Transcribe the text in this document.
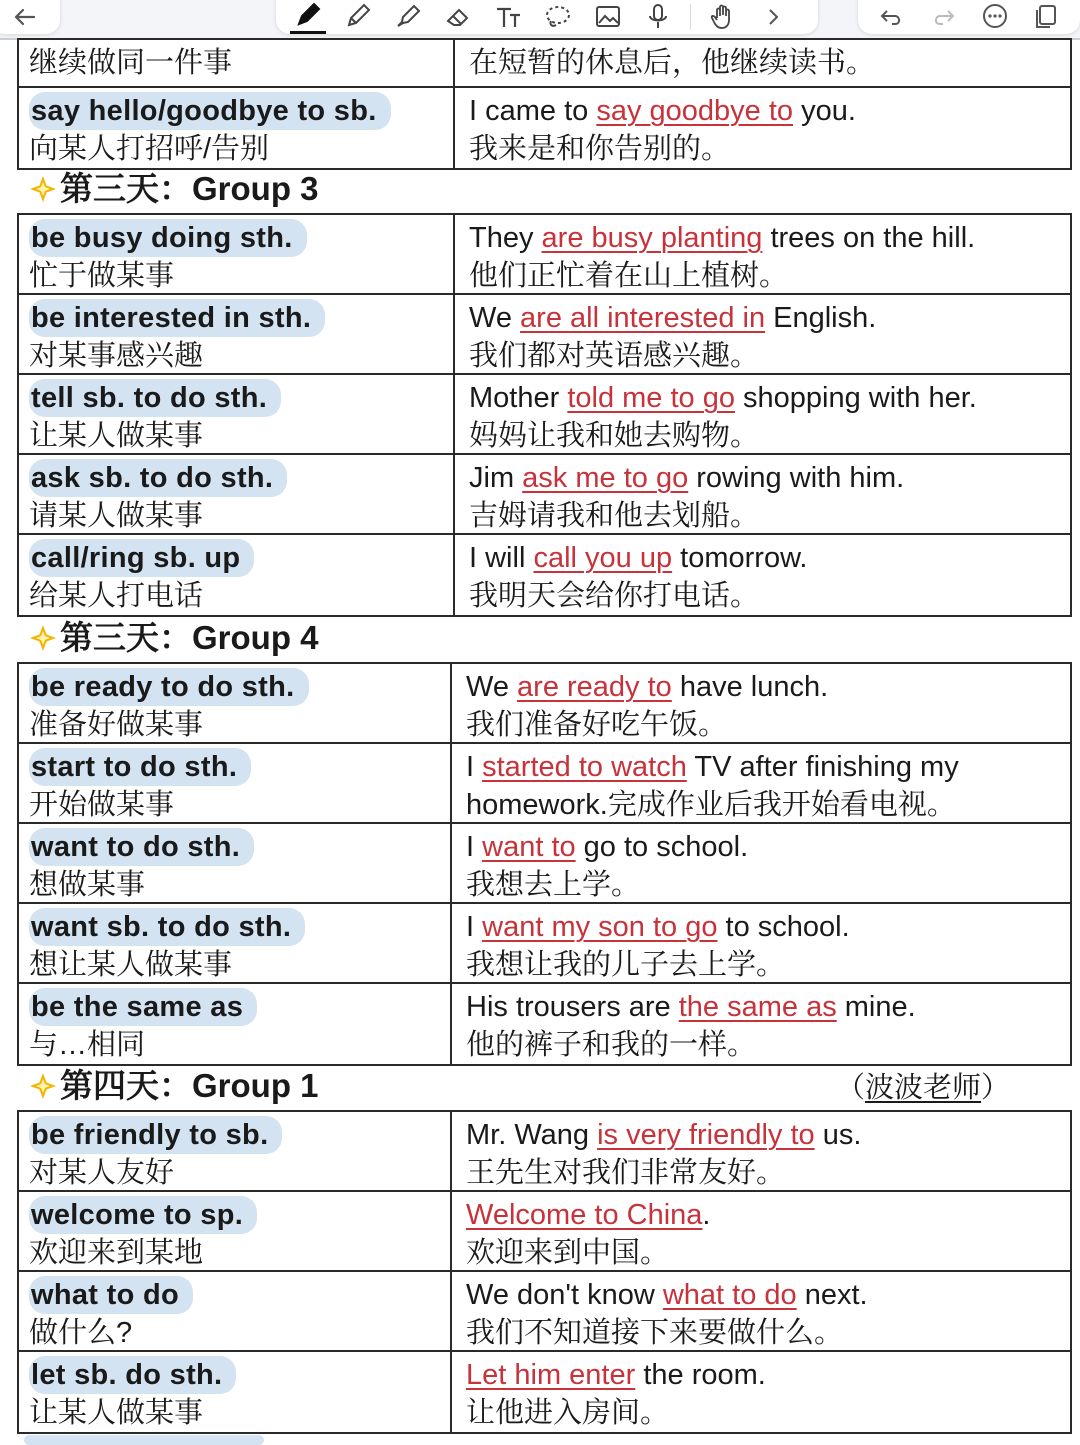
继续做同一件事	在短暂的休息后，他继续读书。
say hello/goodbye to sb.
向某人打招呼/告别
I came to say goodbye to you.
我来是和你告别的。
第三天：Group 3
be busy doing sth.
忙于做某事
They are busy planting trees on the hill.
他们正忙着在山上植树。
be interested in sth.
对某事感兴趣
We are all interested in English.
我们都对英语感兴趣。
tell sb. to do sth.
让某人做某事
Mother told me to go shopping with her.
妈妈让我和她去购物。
ask sb. to do sth.
请某人做某事
Jim ask me to go rowing with him.
吉姆请我和他去划船。
call/ring sb. up
给某人打电话
I will call you up tomorrow.
我明天会给你打电话。
第三天：Group 4
be ready to do sth.
准备好做某事
We are ready to have lunch.
我们准备好吃午饭。
start to do sth.
开始做某事
I started to watch TV after finishing my
homework.完成作业后我开始看电视。
want to do sth.
想做某事
I want to go to school.
我想去上学。
want sb. to do sth.
想让某人做某事
I want my son to go to school.
我想让我的儿子去上学。
be the same as
与…相同
His trousers are the same as mine.
他的裤子和我的一样。
第四天：Group 1	（波波老师）
be friendly to sb.
对某人友好
Mr. Wang is very friendly to us.
王先生对我们非常友好。
welcome to sp.
欢迎来到某地
Welcome to China.
欢迎来到中国。
what to do
做什么?
We don't know what to do next.
我们不知道接下来要做什么。
let sb. do sth.
让某人做某事
Let him enter the room.
让他进入房间。
